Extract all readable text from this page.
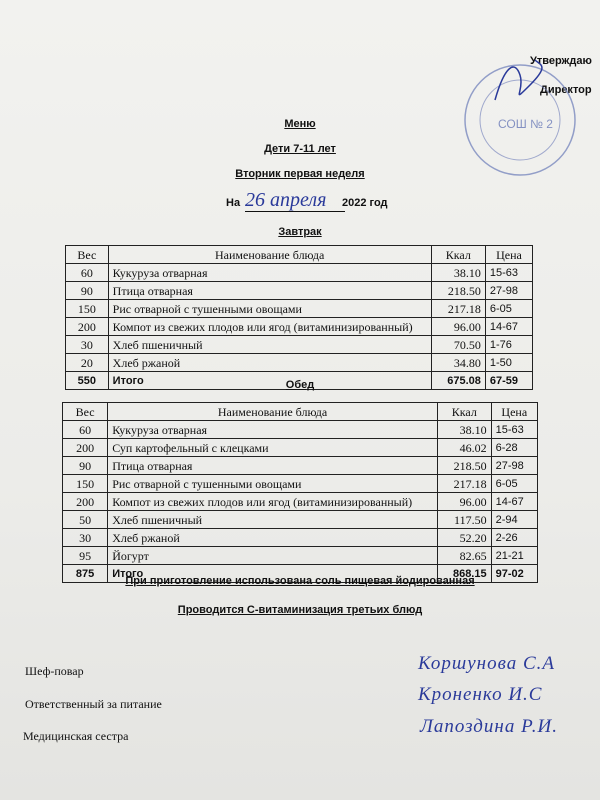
Утверждаю
Директор
СОШ № 2
Меню
Дети 7-11 лет
Вторник первая неделя
На 26 апреля	2022 год
Завтрак
Вес	Наименование блюда	Ккал	Цена
60	Кукуруза отварная	38.10	15-63
90	Птица отварная	218.50	27-98
150	Рис отварной с тушенными овощами	217.18	6-05
200	Компот из свежих плодов или ягод (витаминизированный)	96.00	14-67
30	Хлеб пшеничный	70.50	1-76
20	Хлеб ржаной	34.80	1-50
550	Итого	675.08	67-59
Обед
Вес	Наименование блюда	Ккал	Цена
60	Кукуруза отварная	38.10	15-63
200	Суп картофельный с клецками	46.02	6-28
90	Птица отварная	218.50	27-98
150	Рис отварной с тушенными овощами	217.18	6-05
200	Компот из свежих плодов или ягод (витаминизированный)	96.00	14-67
50	Хлеб пшеничный	117.50	2-94
30	Хлеб ржаной	52.20	2-26
95	Йогурт	82.65	21-21
875	Итого	868.15	97-02
При приготовление использована соль пищевая йодированная
Проводится С-витаминизация третьих блюд
Шеф-повар
Ответственный за питание
Медицинская сестра
Коршунова С.А
Кроненко И.С
Лапоздина Р.И.
